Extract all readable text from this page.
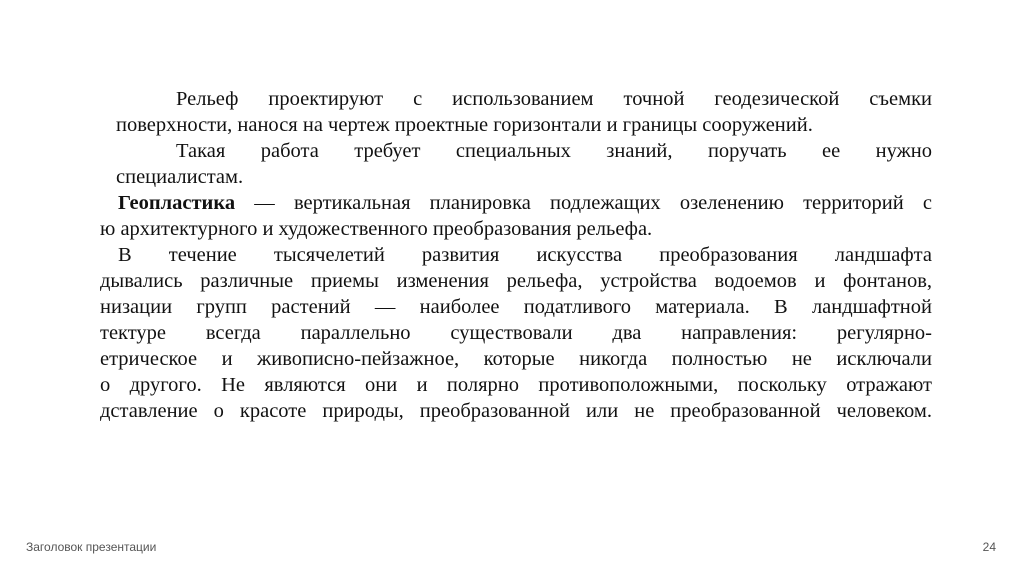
Рельеф проектируют с использованием точной геодезической съемки
поверхности, нанося на чертеж проектные горизонтали и границы сооружений.
Такая работа требует специальных знаний, поручать ее нужно
специалистам.
Геопластика — вертикальная планировка подлежащих озеленению территорий с
ю архитектурного и художественного преобразования рельефа.
В течение тысячелетий развития искусства преобразования ландшафта
дывались различные приемы изменения рельефа, устройства водоемов и фонтанов,
низации групп растений — наиболее податливого материала. В ландшафтной
тектуре всегда параллельно существовали два направления: регулярно-
етрическое и живописно-пейзажное, которые никогда полностью не исключали
о другого. Не являются они и полярно противоположными, поскольку отражают
дставление о красоте природы, преобразованной или не преобразованной человеком.
Заголовок презентации	24
